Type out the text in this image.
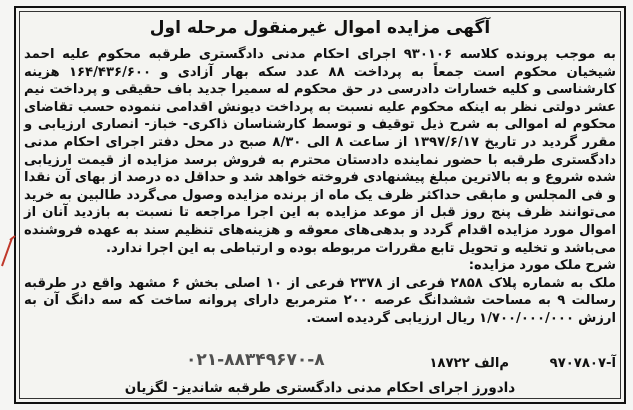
آگهی مزایده اموال غیرمنقول مرحله اول

به موجب پرونده کلاسه ۹۳۰۱۰۶ اجرای احکام مدنی دادگستری طرقبه محکوم علیه احمد شیخیان محکوم است جمعاً به پرداخت ۸۸ عدد سکه بهار آزادی و ۱۶۴/۴۳۶/۶۰۰ هزینه کارشناسی و کلیه خسارات دادرسی در حق محکوم له سمیرا جدید باف حقیقی و پرداخت نیم عشر دولتی نظر به اینکه محکوم علیه نسبت به پرداخت دیونش اقدامی ننموده حسب تقاضای محکوم له اموالی به شرح ذیل توقیف و توسط کارشناسان ذاکری- خباز- انصاری ارزیابی و مقرر گردید در تاریخ ۱۳۹۷/۶/۱۷ از ساعت ۸ الی ۸/۳۰ صبح در محل دفتر اجرای احکام مدنی دادگستری طرقبه با حضور نماینده دادستان محترم به فروش برسد مزایده از قیمت ارزیابی شده شروع و به بالاترین مبلغ پیشنهادی فروخته خواهد شد و حداقل ده درصد از بهای آن نقدا و فی المجلس و مابقی حداکثر ظرف یک ماه از برنده مزایده وصول می‌گردد طالبین به خرید می‌توانند ظرف پنج روز قبل از موعد مزایده به این اجرا مراجعه تا نسبت به بازدید آنان از اموال مورد مزایده اقدام گردد و بدهی‌های معوقه و هزینه‌های تنظیم سند به عهده فروشنده می‌باشد و تخلیه و تحویل تابع مقررات مربوطه بوده و ارتباطی به این اجرا ندارد.

شرح ملک مورد مزایده:

ملک به شماره پلاک ۲۸۵۸ فرعی از ۲۳۷۸ فرعی از ۱۰ اصلی بخش ۶ مشهد واقع در طرقبه رسالت ۹ به مساحت ششدانگ عرصه ۲۰۰ مترمربع دارای پروانه ساخت که سه دانگ آن به ارزش ۱/۷۰۰/۰۰۰/۰۰۰ ریال ارزیابی گردیده است.

۰۲۱-۸۸۳۴۹۶۷۰-۸	آ-۹۷۰۷۸۰۷ م‌الف ۱۸۷۲۲
دادورز اجرای احکام مدنی دادگستری طرقبه شاندیز- لگزیان
